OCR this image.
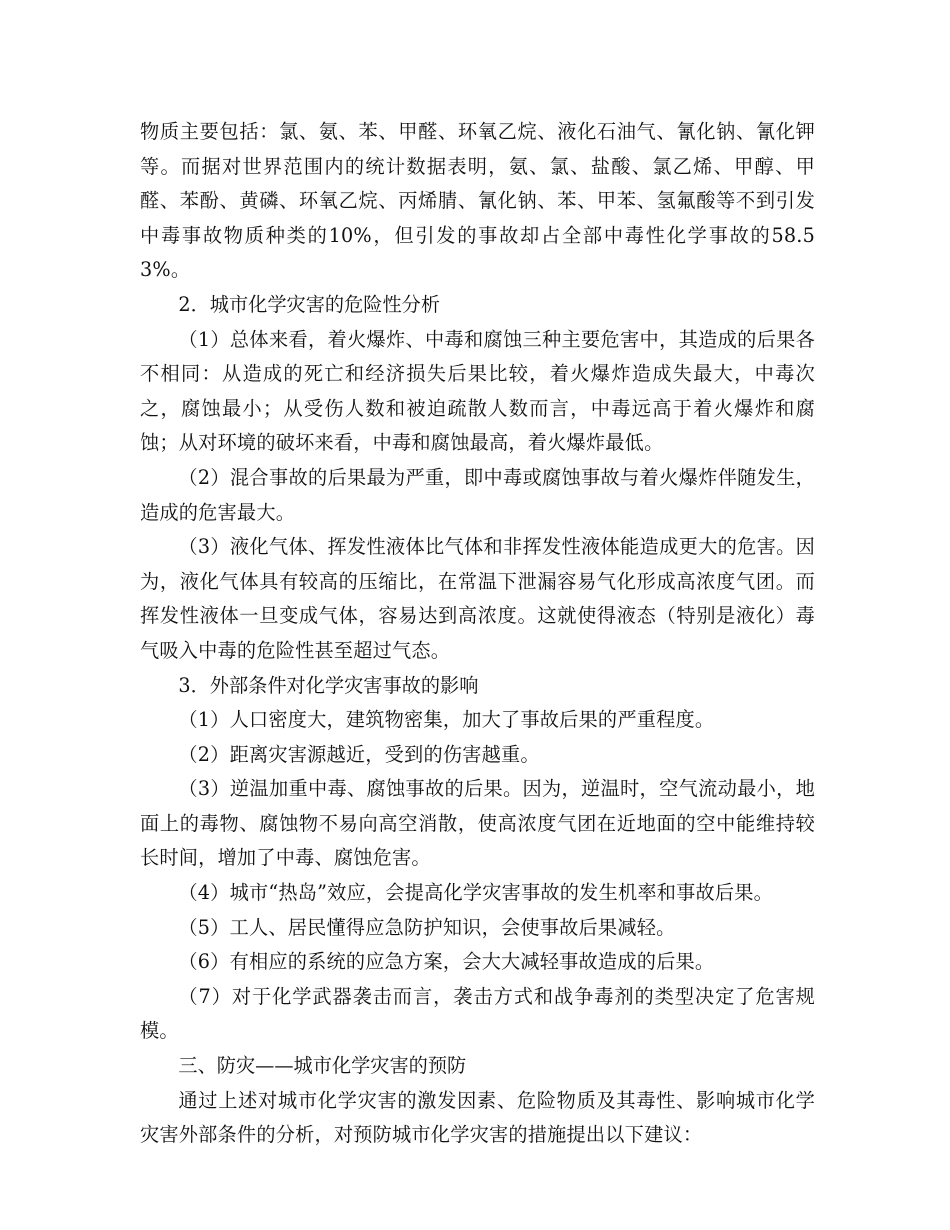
物质主要包括：氯、氨、苯、甲醛、环氧乙烷、液化石油气、氰化钠、氰化钾等。而据对世界范围内的统计数据表明，氨、氯、盐酸、氯乙烯、甲醇、甲醛、苯酚、黄磷、环氧乙烷、丙烯腈、氰化钠、苯、甲苯、氢氟酸等不到引发中毒事故物质种类的10%，但引发的事故却占全部中毒性化学事故的58.53%。

2．城市化学灾害的危险性分析

（1）总体来看，着火爆炸、中毒和腐蚀三种主要危害中，其造成的后果各不相同：从造成的死亡和经济损失后果比较，着火爆炸造成失最大，中毒次之，腐蚀最小；从受伤人数和被迫疏散人数而言，中毒远高于着火爆炸和腐蚀；从对环境的破坏来看，中毒和腐蚀最高，着火爆炸最低。

（2）混合事故的后果最为严重，即中毒或腐蚀事故与着火爆炸伴随发生，造成的危害最大。

（3）液化气体、挥发性液体比气体和非挥发性液体能造成更大的危害。因为，液化气体具有较高的压缩比，在常温下泄漏容易气化形成高浓度气团。而挥发性液体一旦变成气体，容易达到高浓度。这就使得液态（特别是液化）毒气吸入中毒的危险性甚至超过气态。

3．外部条件对化学灾害事故的影响

（1）人口密度大，建筑物密集，加大了事故后果的严重程度。

（2）距离灾害源越近，受到的伤害越重。

（3）逆温加重中毒、腐蚀事故的后果。因为，逆温时，空气流动最小，地面上的毒物、腐蚀物不易向高空消散，使高浓度气团在近地面的空中能维持较长时间，增加了中毒、腐蚀危害。

（4）城市“热岛”效应，会提高化学灾害事故的发生机率和事故后果。

（5）工人、居民懂得应急防护知识，会使事故后果减轻。

（6）有相应的系统的应急方案，会大大减轻事故造成的后果。

（7）对于化学武器袭击而言，袭击方式和战争毒剂的类型决定了危害规模。

三、防灾——城市化学灾害的预防

通过上述对城市化学灾害的激发因素、危险物质及其毒性、影响城市化学灾害外部条件的分析，对预防城市化学灾害的措施提出以下建议：
